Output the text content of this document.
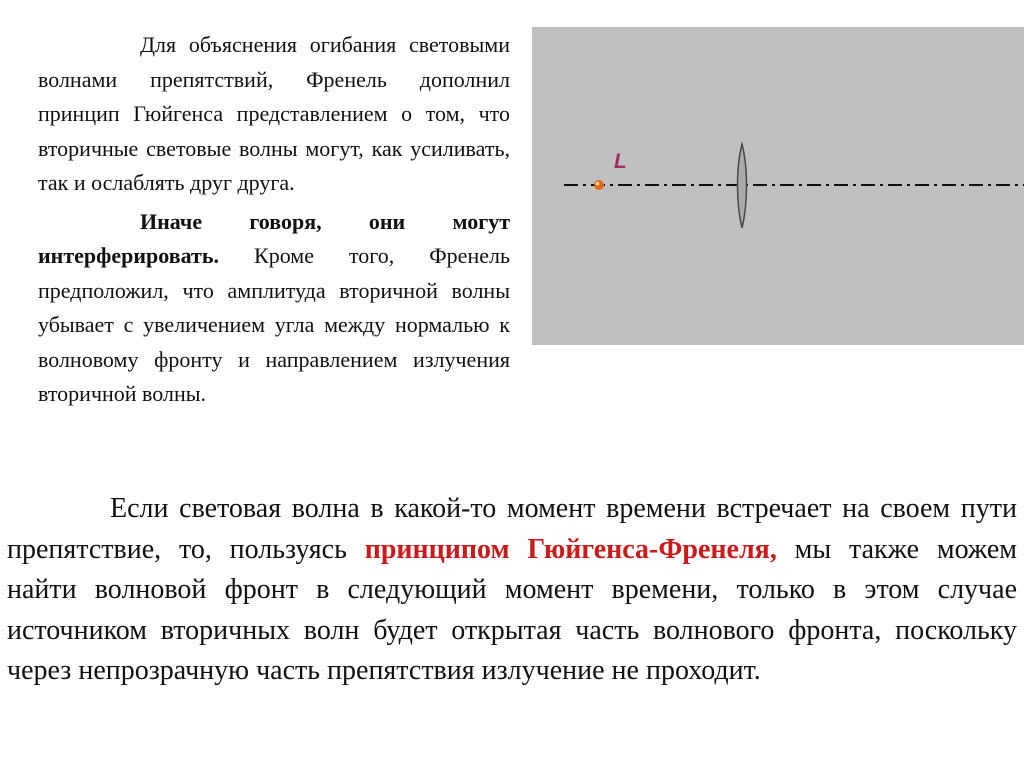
Для объяснения огибания световыми волнами препятствий, Френель дополнил принцип Гюйгенса представлением о том, что вторичные световые волны могут, как усиливать, так и ослаблять друг друга.

Иначе говоря, они могут интерферировать. Кроме того, Френель предположил, что амплитуда вторичной волны убывает с увеличением угла между нормалью к волновому фронту и направлением излучения вторичной волны.

L

Если световая волна в какой-то момент времени встречает на своем пути препятствие, то, пользуясь принципом Гюйгенса-Френеля, мы также можем найти волновой фронт в следующий момент времени, только в этом случае источником вторичных волн будет открытая часть волнового фронта, поскольку через непрозрачную часть препятствия излучение не проходит.
